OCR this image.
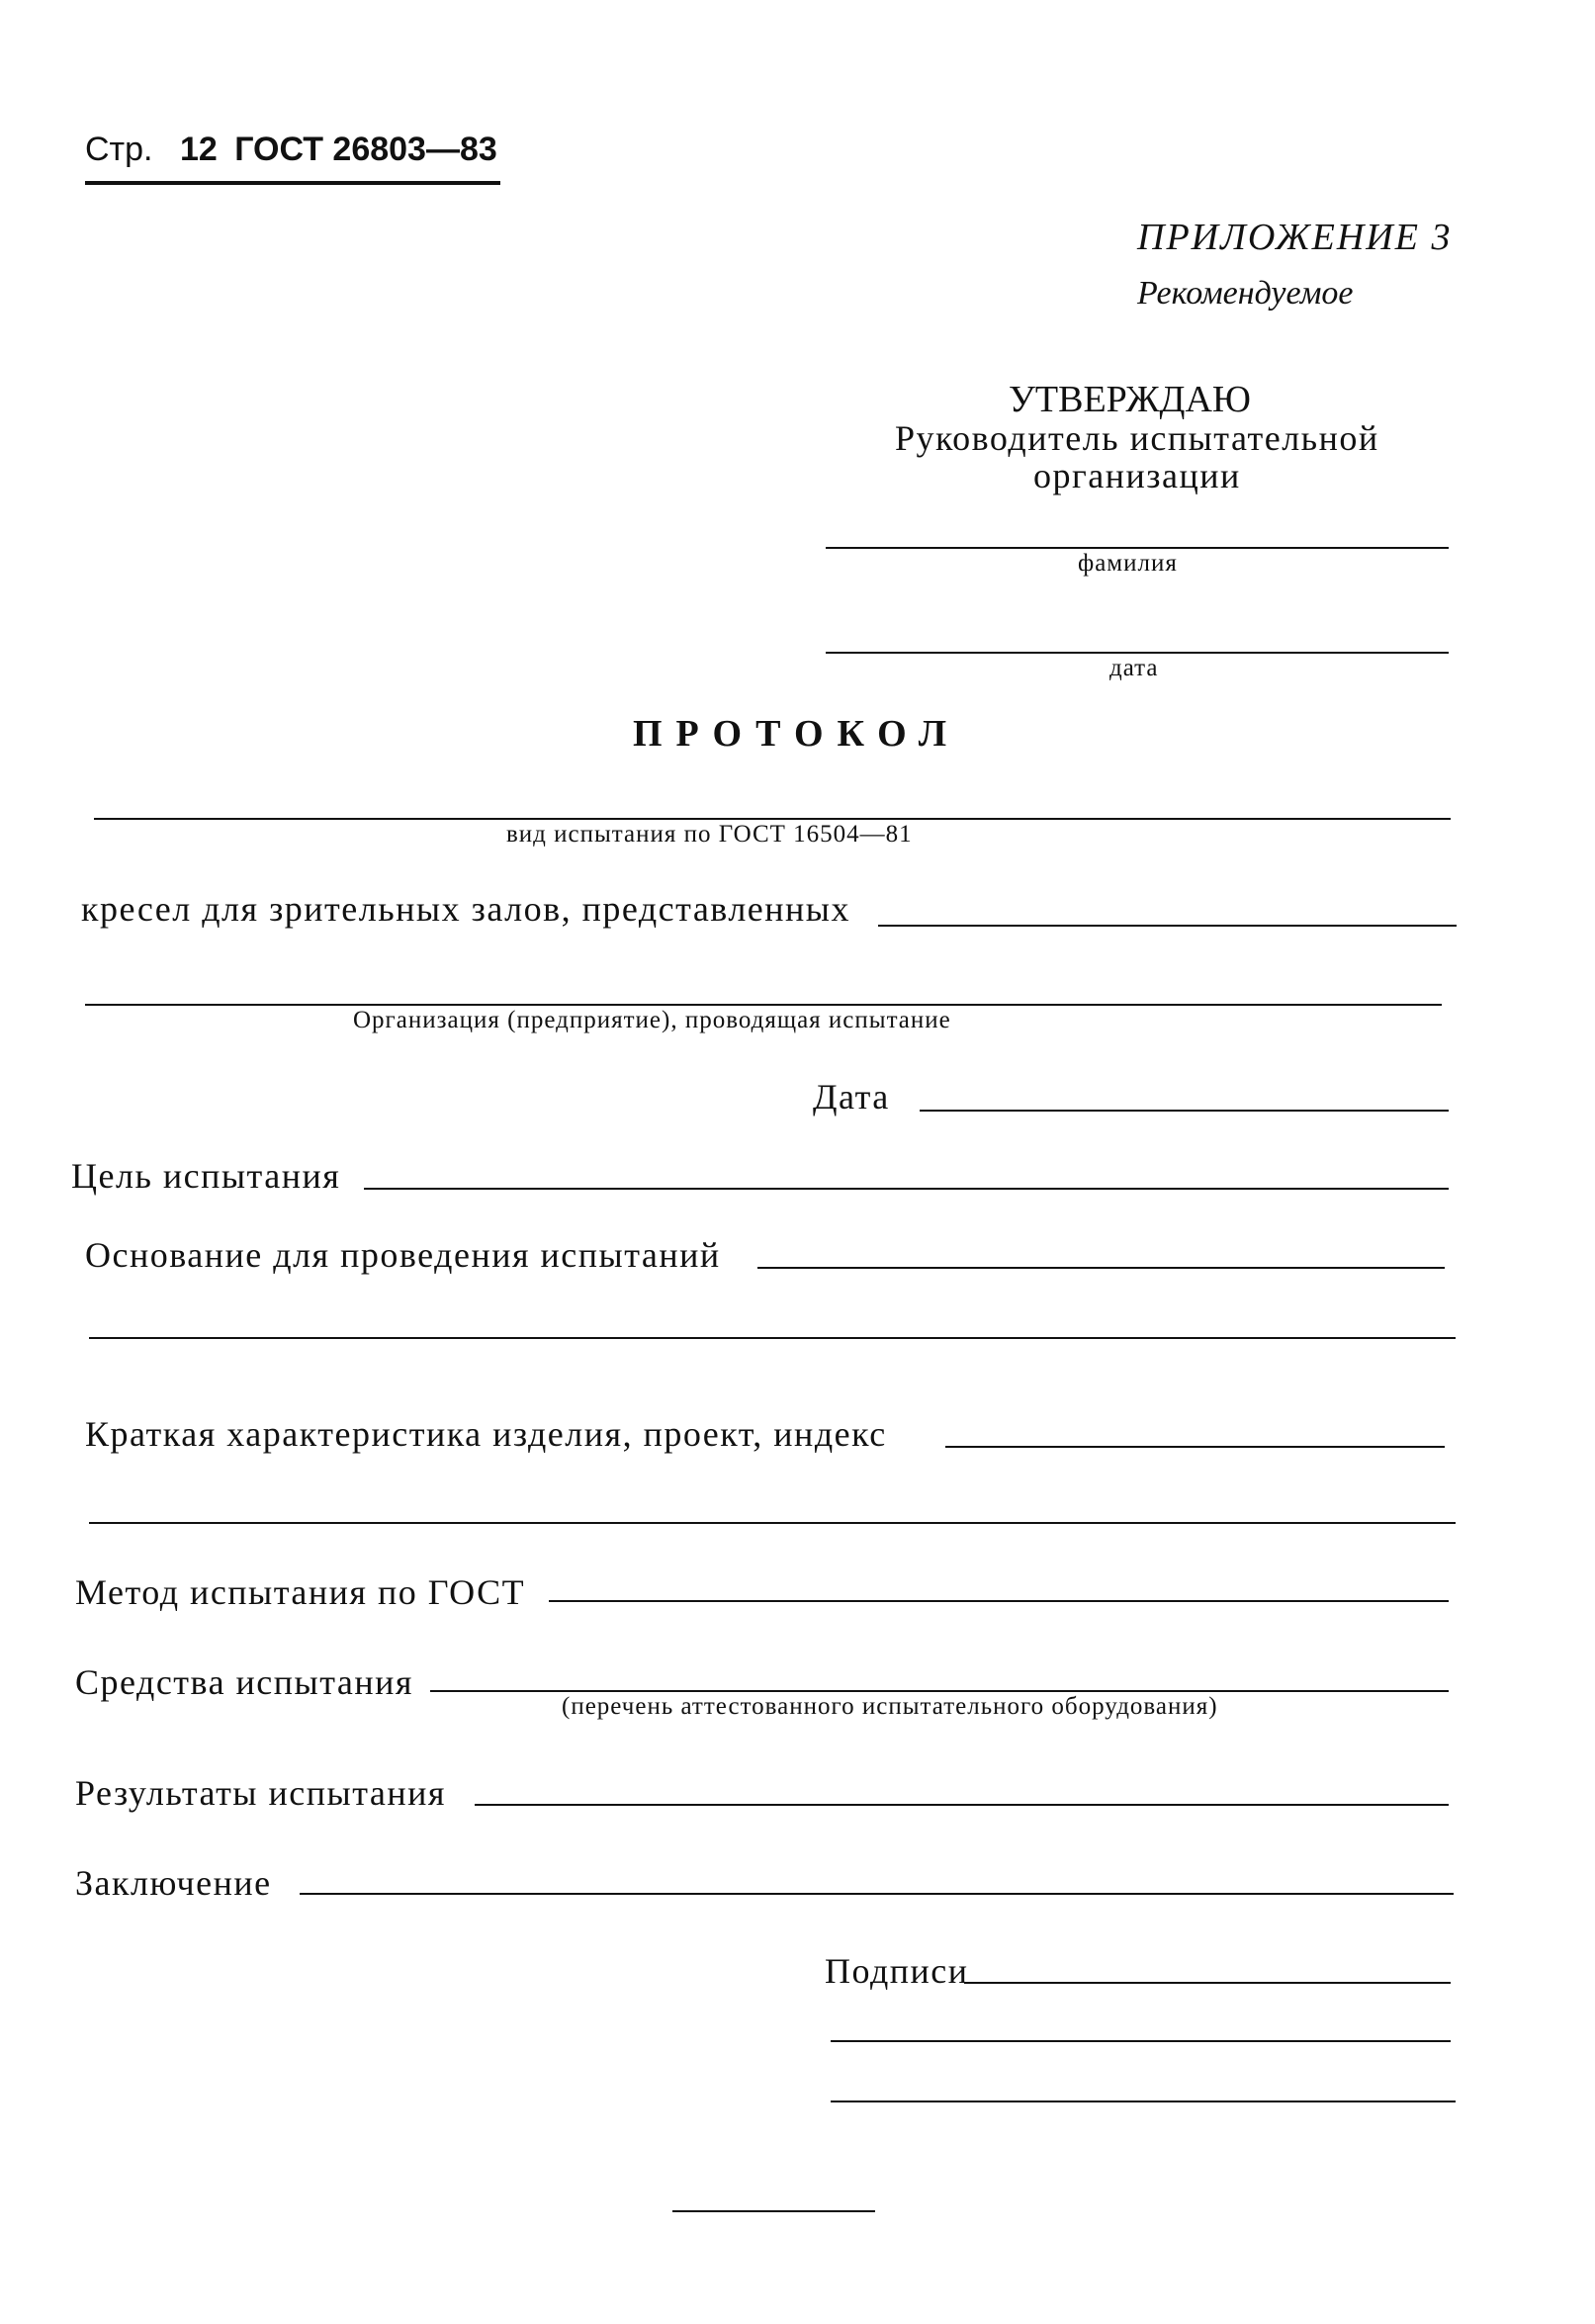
Стр. 12 ГОСТ 26803—83
ПРИЛОЖЕНИЕ 3
Рекомендуемое
УТВЕРЖДАЮ
Руководитель испытательной
организации
фамилия
дата
ПРОТОКОЛ
вид испытания по ГОСТ 16504—81
кресел для зрительных залов, представленных
Организация (предприятие), проводящая испытание
Дата
Цель испытания
Основание для проведения испытаний
Краткая характеристика изделия, проект, индекс
Метод испытания по ГОСТ
Средства испытания
(перечень аттестованного испытательного оборудования)
Результаты испытания
Заключение
Подписи
